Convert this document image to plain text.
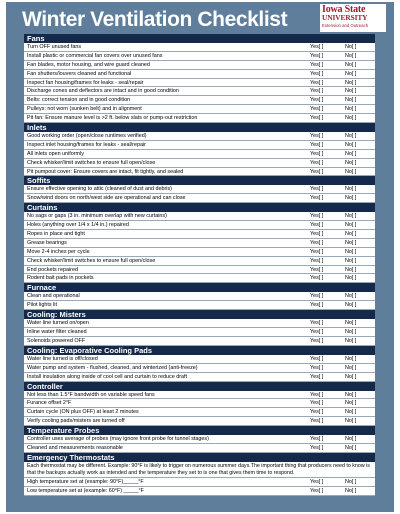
Winter Ventilation Checklist	Iowa State
UNIVERSITY
Extension and Outreach
Fans
Turn OFF unused fans	Yes[ ]	No[ ]
Install plastic or commercial fan covers over unused fans	Yes[ ]	No[ ]
Fan blades, motor housing, and wire guard cleaned	Yes[ ]	No[ ]
Fan shutters/louvers cleaned and functional	Yes[ ]	No[ ]
Inspect fan housing/frames for leaks - seal/repair	Yes[ ]	No[ ]
Discharge cones and deflectors are intact and in good condition	Yes[ ]	No[ ]
Belts: correct tension and in good condition	Yes[ ]	No[ ]
Pulleys: not worn (sunken belt) and in alignment	Yes[ ]	No[ ]
Pit fan: Ensure manure level is >2 ft. below slats or pump-out restriction	Yes[ ]	No[ ]
Inlets
Good working order (open/close runtimes verified)	Yes[ ]	No[ ]
Inspect inlet housing/frames for leaks - seal/repair	Yes[ ]	No[ ]
All inlets open uniformly	Yes[ ]	No[ ]
Check whisker/limit switches to ensure full open/close	Yes[ ]	No[ ]
Pit pumpout cover: Ensure covers are intact, fit tightly, and sealed	Yes[ ]	No[ ]
Soffits
Ensure effective opening to attic (cleaned of dust and debris)	Yes[ ]	No[ ]
Snow/wind doors on north/west side are operational and can close	Yes[ ]	No[ ]
Curtains
No sags or gaps (3 in. minimum overlap with new curtains)	Yes[ ]	No[ ]
Holes (anything over 1/4 x 1/4 in.) repaired	Yes[ ]	No[ ]
Ropes in place and tight	Yes[ ]	No[ ]
Grease bearings	Yes[ ]	No[ ]
Move 2-4 inches per cycle	Yes[ ]	No[ ]
Check whisker/limit switches to ensure full open/close	Yes[ ]	No[ ]
End pockets repaired	Yes[ ]	No[ ]
Rodent bait pads in pockets	Yes[ ]	No[ ]
Furnace
Clean and operational	Yes[ ]	No[ ]
Pilot lights lit	Yes[ ]	No[ ]
Cooling: Misters
Water line turned on/open	Yes[ ]	No[ ]
Inline water filter cleaned	Yes[ ]	No[ ]
Solenoids powered OFF	Yes[ ]	No[ ]
Cooling: Evaporative Cooling Pads
Water line turned is off/closed	Yes[ ]	No[ ]
Water pump and system - flushed, cleaned, and winterized (anti-freeze)	Yes[ ]	No[ ]
Install insulation along inside of cool cell and curtain to reduce draft	Yes[ ]	No[ ]
Controller
Not less than 1.5°F bandwidth on variable speed fans	Yes[ ]	No[ ]
Furance offset 2°F	Yes[ ]	No[ ]
Curtain cycle (ON plus OFF) at least 2 minutes	Yes[ ]	No[ ]
Verify cooling pads/misters are turned off	Yes[ ]	No[ ]
Temperature Probes
Controller uses average of probes (may ignore front probe for tunnel stages)	Yes[ ]	No[ ]
Cleaned and measurements reasonable	Yes[ ]	No[ ]
Emergency Thermostats
Each thermostat may be different. Example: 90°F is likely to trigger on numerous summer days.The important thing that producers need to know is that the backups actually work as intended and the temperature they set to is one that gives them time to respond.
High temperature set at (example: 90°F)_____°F	Yes[ ]	No[ ]
Low temperature set at (example: 60°F) _____°F	Yes[ ]	No[ ]
